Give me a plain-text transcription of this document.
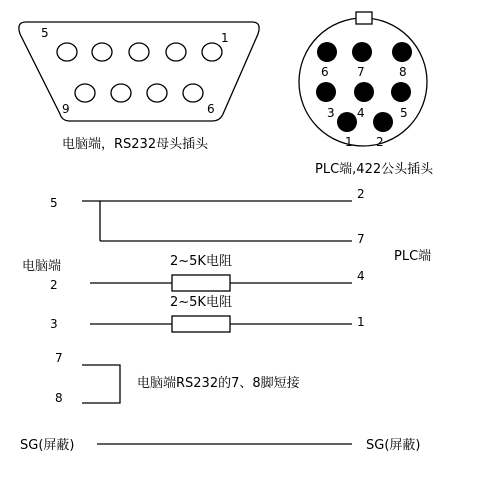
5	1
9	6
电脑端，RS232母头插头
6 7	8
3 4	5
1 2
PLC端,422公头插头
电脑端
PLC端
5
2
7
2
2~5K电阻
4
3
2~5K电阻
1
7
8
电脑端RS232的7、8脚短接
SG(屏蔽)	SG(屏蔽)
